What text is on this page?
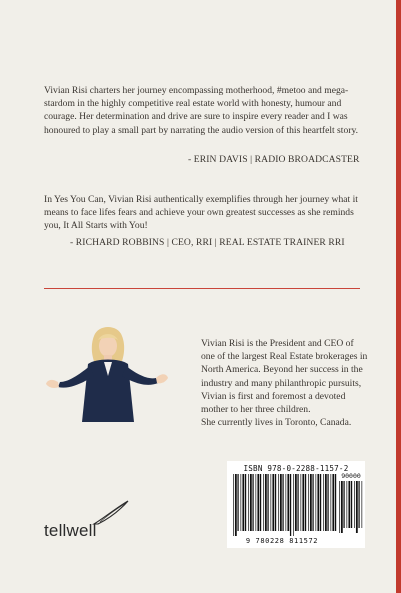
Vivian Risi charters her journey encompassing motherhood, #metoo and mega-stardom in the highly competitive real estate world with honesty, humour and courage. Her determination and drive are sure to inspire every reader and I was honoured to play a small part by narrating the audio version of this heartfelt story.

- ERIN DAVIS | RADIO BROADCASTER

In Yes You Can, Vivian Risi authentically exemplifies through her journey what it means to face lifes fears and achieve your own greatest successes as she reminds you, It All Starts with You!

- RICHARD ROBBINS | CEO, RRI | REAL ESTATE TRAINER RRI

Vivian Risi is the President and CEO of one of the largest Real Estate brokerages in North America. Beyond her success in the industry and many philanthropic pursuits, Vivian is first and foremost a devoted mother to her three children.

She currently lives in Toronto, Canada.

ISBN 978-0-2288-1157-2
90000
9 780228 811572
tellwell
